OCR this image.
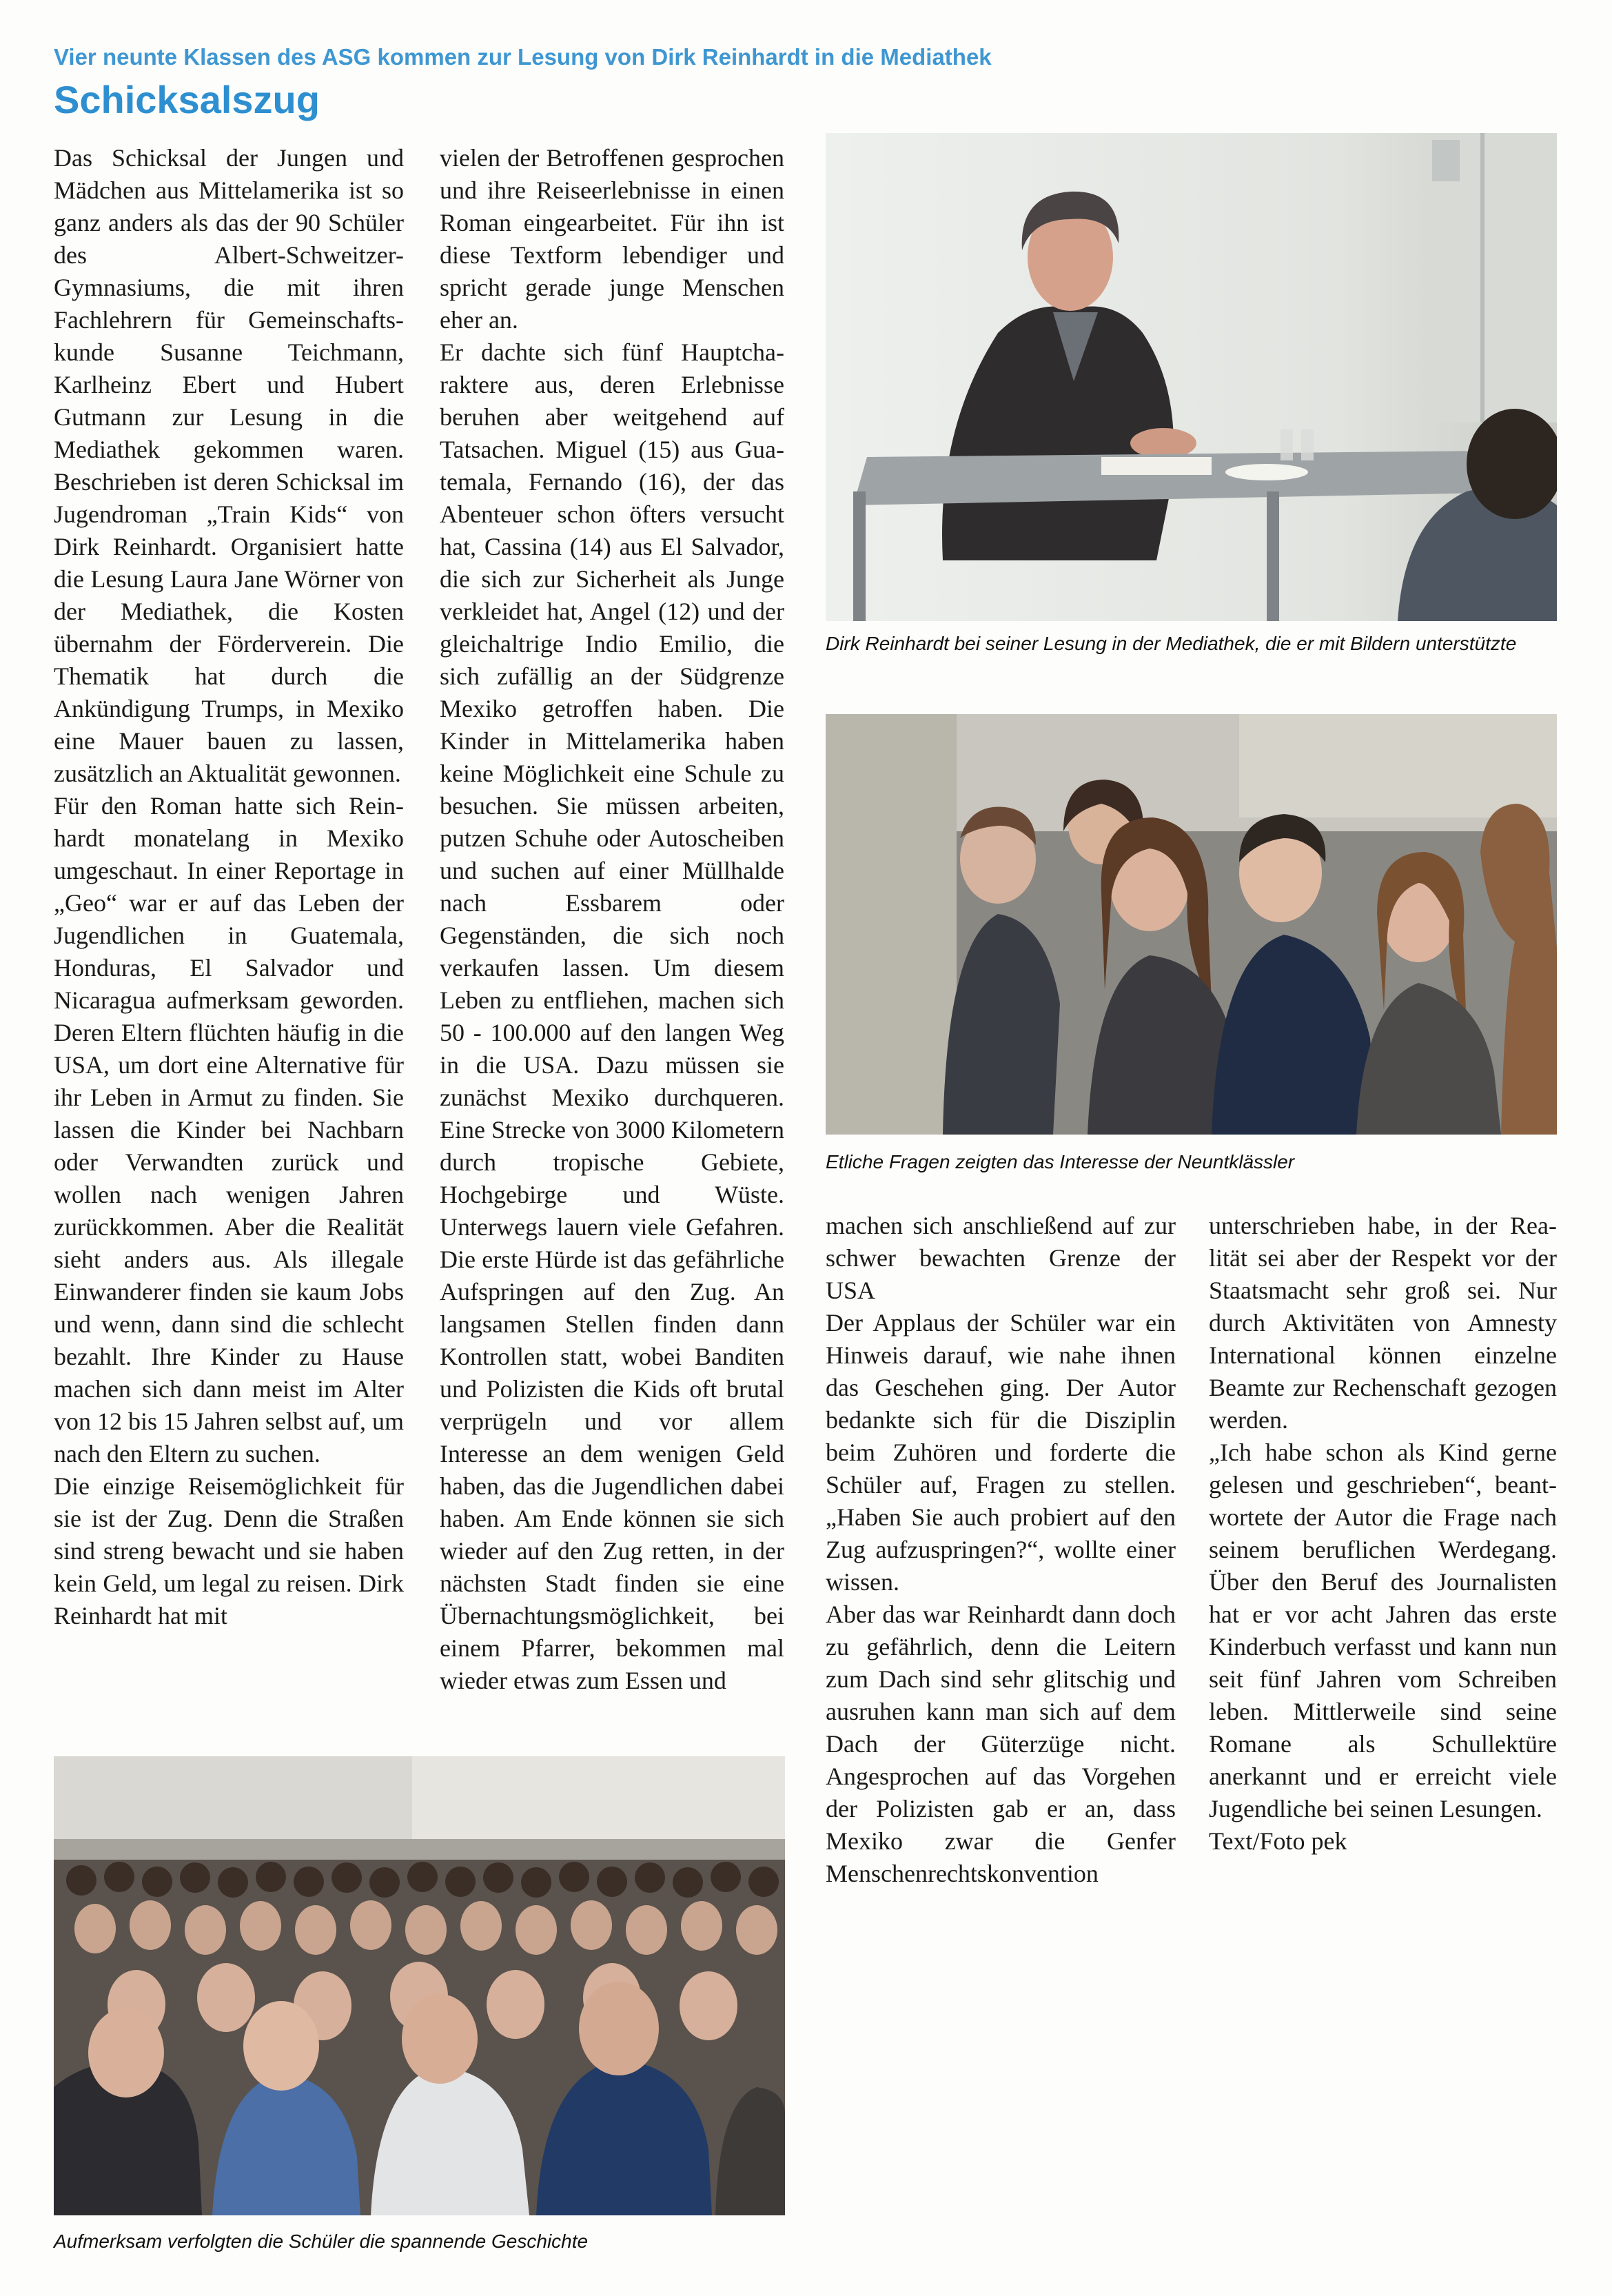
Vier neunte Klassen des ASG kommen zur Lesung von Dirk Reinhardt in die Mediathek
Schicksalszug

Das Schicksal der Jungen und Mädchen aus Mittelamerika ist so ganz anders als das der 90 Schüler des Albert-Schweitzer-Gymnasiums, die mit ihren Fachlehrern für Gemeinschaftskunde Susanne Teichmann, Karlheinz Ebert und Hubert Gutmann zur Lesung in die Mediathek gekommen waren. Beschrieben ist deren Schicksal im Jugendroman „Train Kids“ von Dirk Reinhardt. Organisiert hatte die Lesung Laura Jane Wörner von der Mediathek, die Kosten übernahm der Förderverein. Die Thematik hat durch die Ankündigung Trumps, in Mexiko eine Mauer bauen zu lassen, zusätzlich an Aktualität gewonnen.

Für den Roman hatte sich Reinhardt monatelang in Mexiko umgeschaut. In einer Reportage in „Geo“ war er auf das Leben der Jugendlichen in Guatemala, Honduras, El Salvador und Nicaragua aufmerksam geworden. Deren Eltern flüchten häufig in die USA, um dort eine Alternative für ihr Leben in Armut zu finden. Sie lassen die Kinder bei Nachbarn oder Verwandten zurück und wollen nach wenigen Jahren zurückkommen. Aber die Realität sieht anders aus. Als illegale Einwanderer finden sie kaum Jobs und wenn, dann sind die schlecht bezahlt. Ihre Kinder zu Hause machen sich dann meist im Alter von 12 bis 15 Jahren selbst auf, um nach den Eltern zu suchen.

Die einzige Reisemöglichkeit für sie ist der Zug. Denn die Straßen sind streng bewacht und sie haben kein Geld, um legal zu reisen. Dirk Reinhardt hat mit

vielen der Betroffenen gesprochen und ihre Reiseerlebnisse in einen Roman eingearbeitet. Für ihn ist diese Textform lebendiger und spricht gerade junge Menschen eher an.

Er dachte sich fünf Hauptcharaktere aus, deren Erlebnisse beruhen aber weitgehend auf Tatsachen. Miguel (15) aus Guatemala, Fernando (16), der das Abenteuer schon öfters versucht hat, Cassina (14) aus El Salvador, die sich zur Sicherheit als Junge verkleidet hat, Angel (12) und der gleichaltrige Indio Emilio, die sich zufällig an der Südgrenze Mexiko getroffen haben. Die Kinder in Mittelamerika haben keine Möglichkeit eine Schule zu besuchen. Sie müssen arbeiten, putzen Schuhe oder Autoscheiben und suchen auf einer Müllhalde nach Essbarem oder Gegenständen, die sich noch verkaufen lassen. Um diesem Leben zu entfliehen, machen sich 50 - 100.000 auf den langen Weg in die USA. Dazu müssen sie zunächst Mexiko durchqueren. Eine Strecke von 3000 Kilometern durch tropische Gebiete, Hochgebirge und Wüste. Unterwegs lauern viele Gefahren. Die erste Hürde ist das gefährliche Aufspringen auf den Zug. An langsamen Stellen finden dann Kontrollen statt, wobei Banditen und Polizisten die Kids oft brutal verprügeln und vor allem Interesse an dem wenigen Geld haben, das die Jugendlichen dabei haben. Am Ende können sie sich wieder auf den Zug retten, in der nächsten Stadt finden sie eine Übernachtungsmöglichkeit, bei einem Pfarrer, bekommen mal wieder etwas zum Essen und

machen sich anschließend auf zur schwer bewachten Grenze der USA

Der Applaus der Schüler war ein Hinweis darauf, wie nahe ihnen das Geschehen ging. Der Autor bedankte sich für die Disziplin beim Zuhören und forderte die Schüler auf, Fragen zu stellen. „Haben Sie auch probiert auf den Zug aufzuspringen?“, wollte einer wissen.

Aber das war Reinhardt dann doch zu gefährlich, denn die Leitern zum Dach sind sehr glitschig und ausruhen kann man sich auf dem Dach der Güterzüge nicht. Angesprochen auf das Vorgehen der Polizisten gab er an, dass Mexiko zwar die Genfer Menschenrechtskonvention

unterschrieben habe, in der Realität sei aber der Respekt vor der Staatsmacht sehr groß sei. Nur durch Aktivitäten von Amnesty International können einzelne Beamte zur Rechenschaft gezogen werden.

„Ich habe schon als Kind gerne gelesen und geschrieben“, beantwortete der Autor die Frage nach seinem beruflichen Werdegang. Über den Beruf des Journalisten hat er vor acht Jahren das erste Kinderbuch verfasst und kann nun seit fünf Jahren vom Schreiben leben. Mittlerweile sind seine Romane als Schullektüre anerkannt und er erreicht viele Jugendliche bei seinen Lesungen.

Text/Foto pek

Dirk Reinhardt bei seiner Lesung in der Mediathek, die er mit Bildern unterstützte
Etliche Fragen zeigten das Interesse der Neuntklässler
Aufmerksam verfolgten die Schüler die spannende Geschichte
